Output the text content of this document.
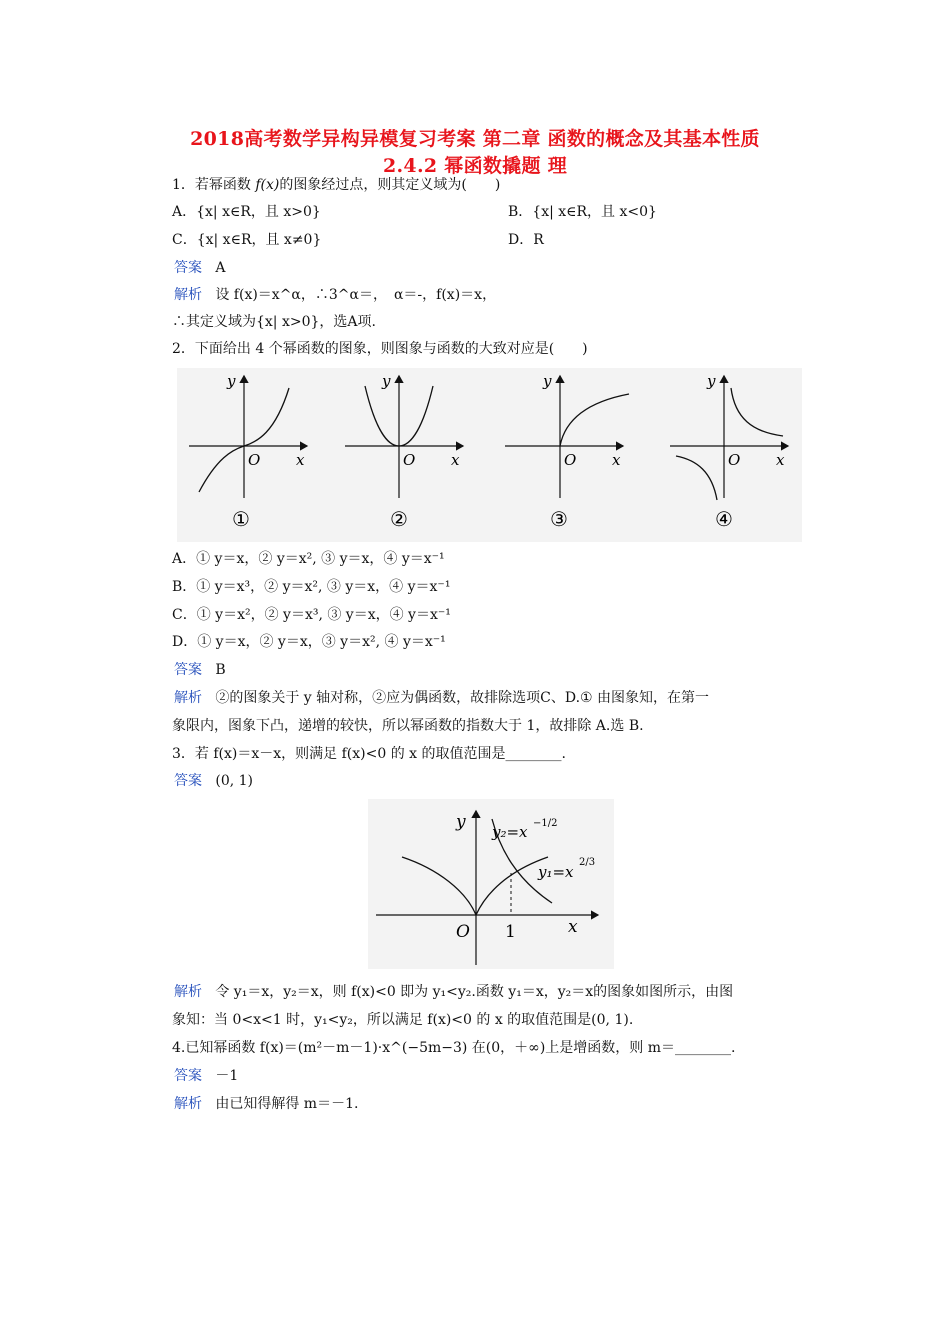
2018高考数学异构异模复习考案 第二章 函数的概念及其基本性质
2.4.2 幂函数撬题 理
1．若幂函数 f(x)的图象经过点，则其定义域为(　　)
A．{x| x∈R，且 x>0}	B．{x| x∈R，且 x<0}
C．{x| x∈R，且 x≠0}	D．R
答案 A
解析 设 f(x)＝x^α，∴3^α＝，　α＝-，f(x)＝x，
∴其定义域为{x| x>0}，选A项.
2．下面给出 4 个幂函数的图象，则图象与函数的大致对应是(　　)
y
x
O
①
y
x
O
②
y
x
O
③
y
x
O
④
A．① y＝x，② y＝x², ③ y＝x，④ y＝x⁻¹
B．① y＝x³，② y＝x², ③ y＝x，④ y＝x⁻¹
C．① y＝x²，② y＝x³, ③ y＝x，④ y＝x⁻¹
D．① y＝x，② y＝x，③ y＝x², ④ y＝x⁻¹
答案 B
解析 ②的图象关于 y 轴对称，②应为偶函数，故排除选项C、D.① 由图象知，在第一
象限内，图象下凸，递增的较快，所以幂函数的指数大于 1，故排除 A.选 B.
3．若 f(x)＝x－x，则满足 f(x)<0 的 x 的取值范围是________.
答案 (0, 1)
y
x
O 1
y₂=x −1/2
y₁=x
2/3
解析 令 y₁＝x，y₂＝x，则 f(x)<0 即为 y₁<y₂.函数 y₁＝x，y₂＝x的图象如图所示，由图
象知：当 0<x<1 时，y₁<y₂，所以满足 f(x)<0 的 x 的取值范围是(0, 1).
4.已知幂函数 f(x)＝(m²－m－1)·x^(−5m−3) 在(0，＋∞)上是增函数，则 m＝________.
答案 －1
解析 由已知得解得 m＝－1.
